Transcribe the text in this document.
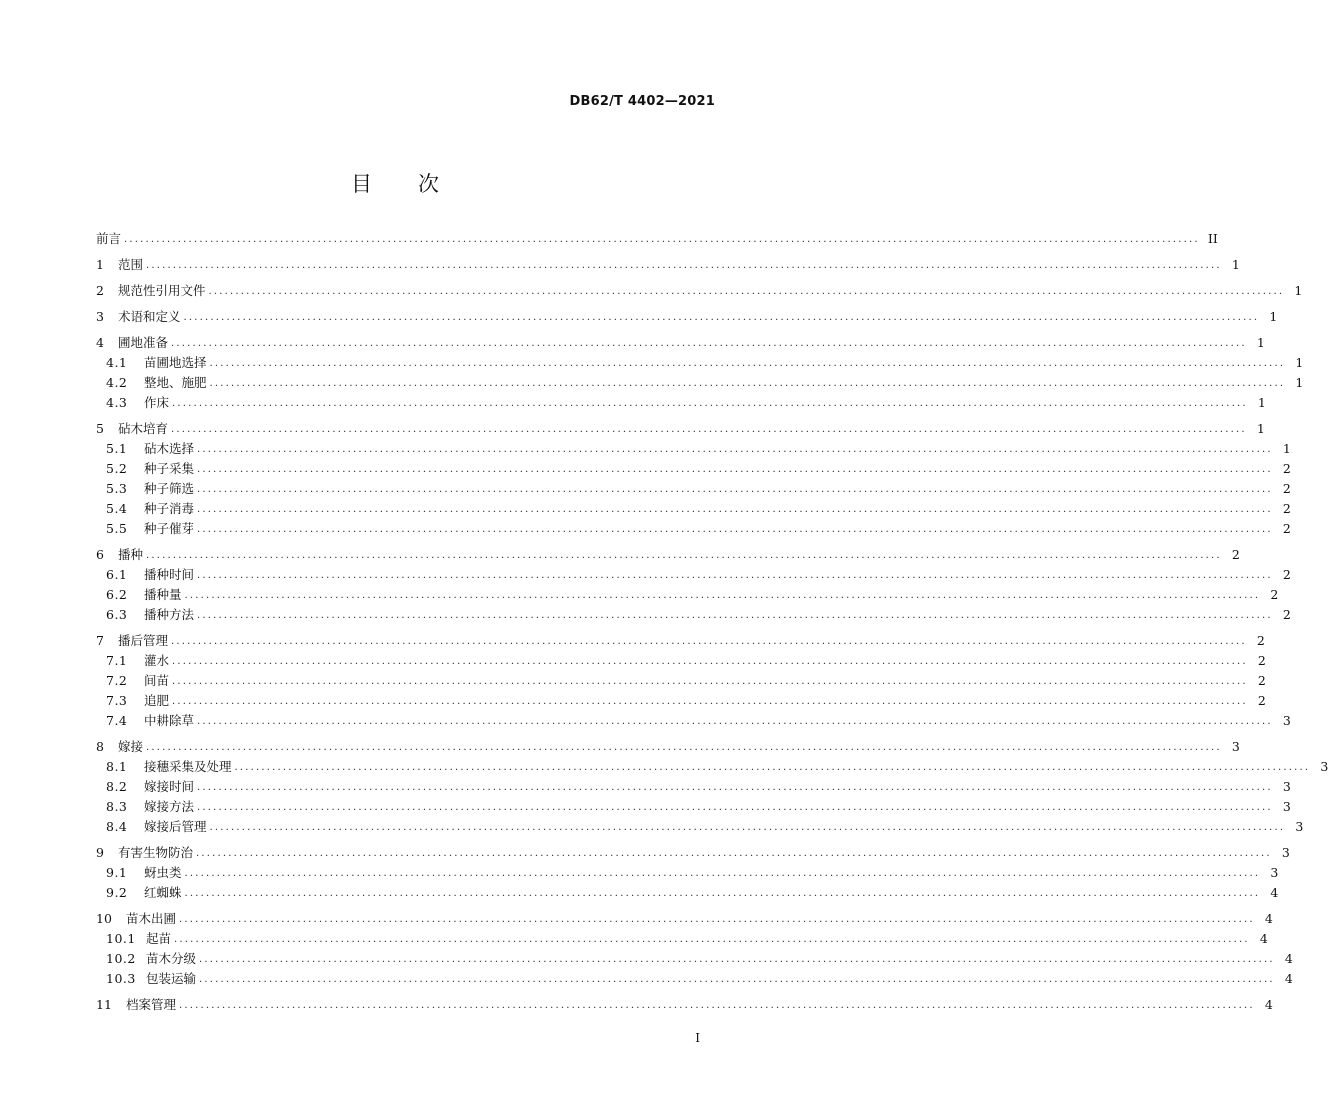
DB62/T 4402—2021
目 次
前言 ........................................................................................................................................................................................................ II
1	范围 ........................................................................................................................................................................................................ 1
2	规范性引用文件 ........................................................................................................................................................................................................ 1
3	术语和定义 ........................................................................................................................................................................................................ 1
4	圃地准备 ........................................................................................................................................................................................................ 1
4.1	苗圃地选择 ........................................................................................................................................................................................................ 1
4.2	整地、施肥 ........................................................................................................................................................................................................ 1
4.3	作床 ........................................................................................................................................................................................................ 1
5	砧木培育 ........................................................................................................................................................................................................ 1
5.1	砧木选择 ........................................................................................................................................................................................................ 1
5.2	种子采集 ........................................................................................................................................................................................................ 2
5.3	种子筛选 ........................................................................................................................................................................................................ 2
5.4	种子消毒 ........................................................................................................................................................................................................ 2
5.5	种子催芽 ........................................................................................................................................................................................................ 2
6	播种 ........................................................................................................................................................................................................ 2
6.1	播种时间 ........................................................................................................................................................................................................ 2
6.2	播种量 ........................................................................................................................................................................................................ 2
6.3	播种方法 ........................................................................................................................................................................................................ 2
7	播后管理 ........................................................................................................................................................................................................ 2
7.1	灌水 ........................................................................................................................................................................................................ 2
7.2	间苗 ........................................................................................................................................................................................................ 2
7.3	追肥 ........................................................................................................................................................................................................ 2
7.4	中耕除草 ........................................................................................................................................................................................................ 3
8	嫁接 ........................................................................................................................................................................................................ 3
8.1	接穗采集及处理 ........................................................................................................................................................................................................ 3
8.2	嫁接时间 ........................................................................................................................................................................................................ 3
8.3	嫁接方法 ........................................................................................................................................................................................................ 3
8.4	嫁接后管理 ........................................................................................................................................................................................................ 3
9	有害生物防治 ........................................................................................................................................................................................................ 3
9.1	蚜虫类 ........................................................................................................................................................................................................ 3
9.2	红蜘蛛 ........................................................................................................................................................................................................ 4
10	苗木出圃 ........................................................................................................................................................................................................ 4
10.1 起苗 ........................................................................................................................................................................................................ 4
10.2 苗木分级 ........................................................................................................................................................................................................ 4
10.3 包装运输 ........................................................................................................................................................................................................ 4
11	档案管理 ........................................................................................................................................................................................................ 4
I
